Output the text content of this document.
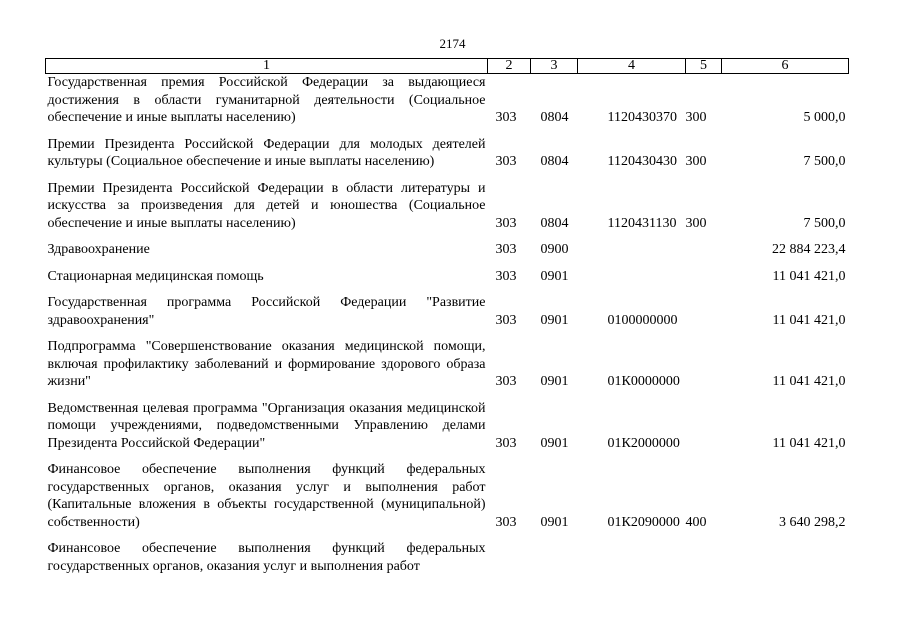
2174
1	2	3	4	5	6
Государственная премия Российской Федерации за выдающиеся достижения в области гуманитарной деятельности (Социальное обеспечение и иные выплаты населению)	303	0804	1120430370	300	5 000,0

Премии Президента Российской Федерации для молодых деятелей культуры (Социальное обеспечение и иные выплаты населению)	303	0804	1120430430	300	7 500,0

Премии Президента Российской Федерации в области литературы и искусства за произведения для детей и юношества (Социальное обеспечение и иные выплаты населению)	303	0804	1120431130	300	7 500,0

Здравоохранение	303	0900			22 884 223,4

Стационарная медицинская помощь	303	0901			11 041 421,0

Государственная программа Российской Федерации "Развитие здравоохранения"	303	0901	0100000000		11 041 421,0

Подпрограмма "Совершенствование оказания медицинской помощи, включая профилактику заболеваний и формирование здорового образа жизни"	303	0901	01К0000000		11 041 421,0

Ведомственная целевая программа "Организация оказания медицинской помощи учреждениями, подведомственными Управлению делами Президента Российской Федерации"	303	0901	01К2000000		11 041 421,0

Финансовое обеспечение выполнения функций федеральных государственных органов, оказания услуг и выполнения работ (Капитальные вложения в объекты государственной (муниципальной) собственности)	303	0901	01К2090000	400	3 640 298,2

Финансовое обеспечение выполнения функций федеральных государственных органов, оказания услуг и выполнения работ					
